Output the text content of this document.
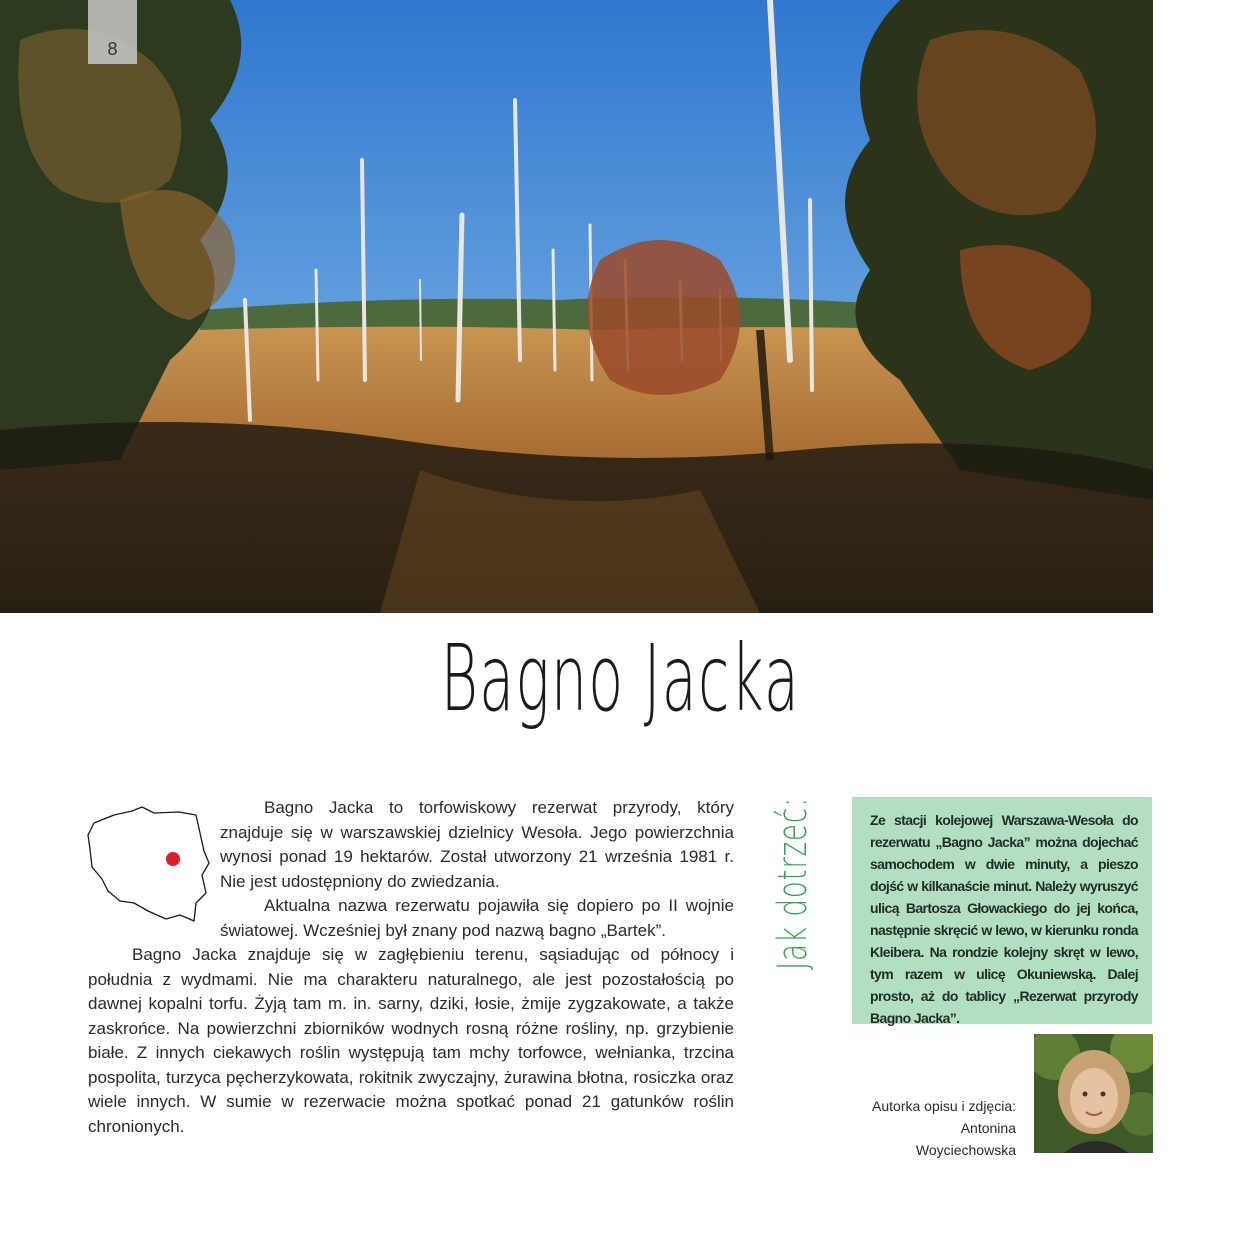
8
Bagno Jacka

Bagno Jacka to torfowiskowy rezerwat przyrody, który znajduje się w warszawskiej dzielnicy Wesoła. Jego powierzchnia wynosi ponad 19 hektarów. Został utworzony 21 września 1981 r. Nie jest udostępniony do zwiedzania.

Aktualna nazwa rezerwatu pojawiła się dopiero po II wojnie światowej. Wcześniej był znany pod nazwą bagno „Bartek”.

Bagno Jacka znajduje się w zagłębieniu terenu, sąsiadując od północy i południa z wydmami. Nie ma charakteru naturalnego, ale jest pozostałością po dawnej kopalni torfu. Żyją tam m. in. sarny, dziki, łosie, żmije zygzakowate, a także zaskrońce. Na powierzchni zbiorników wodnych rosną różne rośliny, np. grzybienie białe. Z innych ciekawych roślin występują tam mchy torfowce, wełnianka, trzcina pospolita, turzyca pęcherzykowata, rokitnik zwyczajny, żurawina błotna, rosiczka oraz wiele innych. W sumie w rezerwacie można spotkać ponad 21 gatunków roślin chronionych.

Jak dotrzeć:	Ze stacji kolejowej Warszawa-Wesoła do rezerwatu „Bagno Jacka” można dojechać samochodem w dwie minuty, a pieszo dojść w kilkanaście minut. Należy wyruszyć ulicą Bartosza Głowackiego do jej końca, następnie skręcić w lewo, w kierunku ronda Kleibera. Na rondzie kolejny skręt w lewo, tym razem w ulicę Okuniewską. Dalej prosto, aż do tablicy „Rezerwat przyrody Bagno Jacka”.

Autorka opisu i zdjęcia:
Antonina Woyciechowska
